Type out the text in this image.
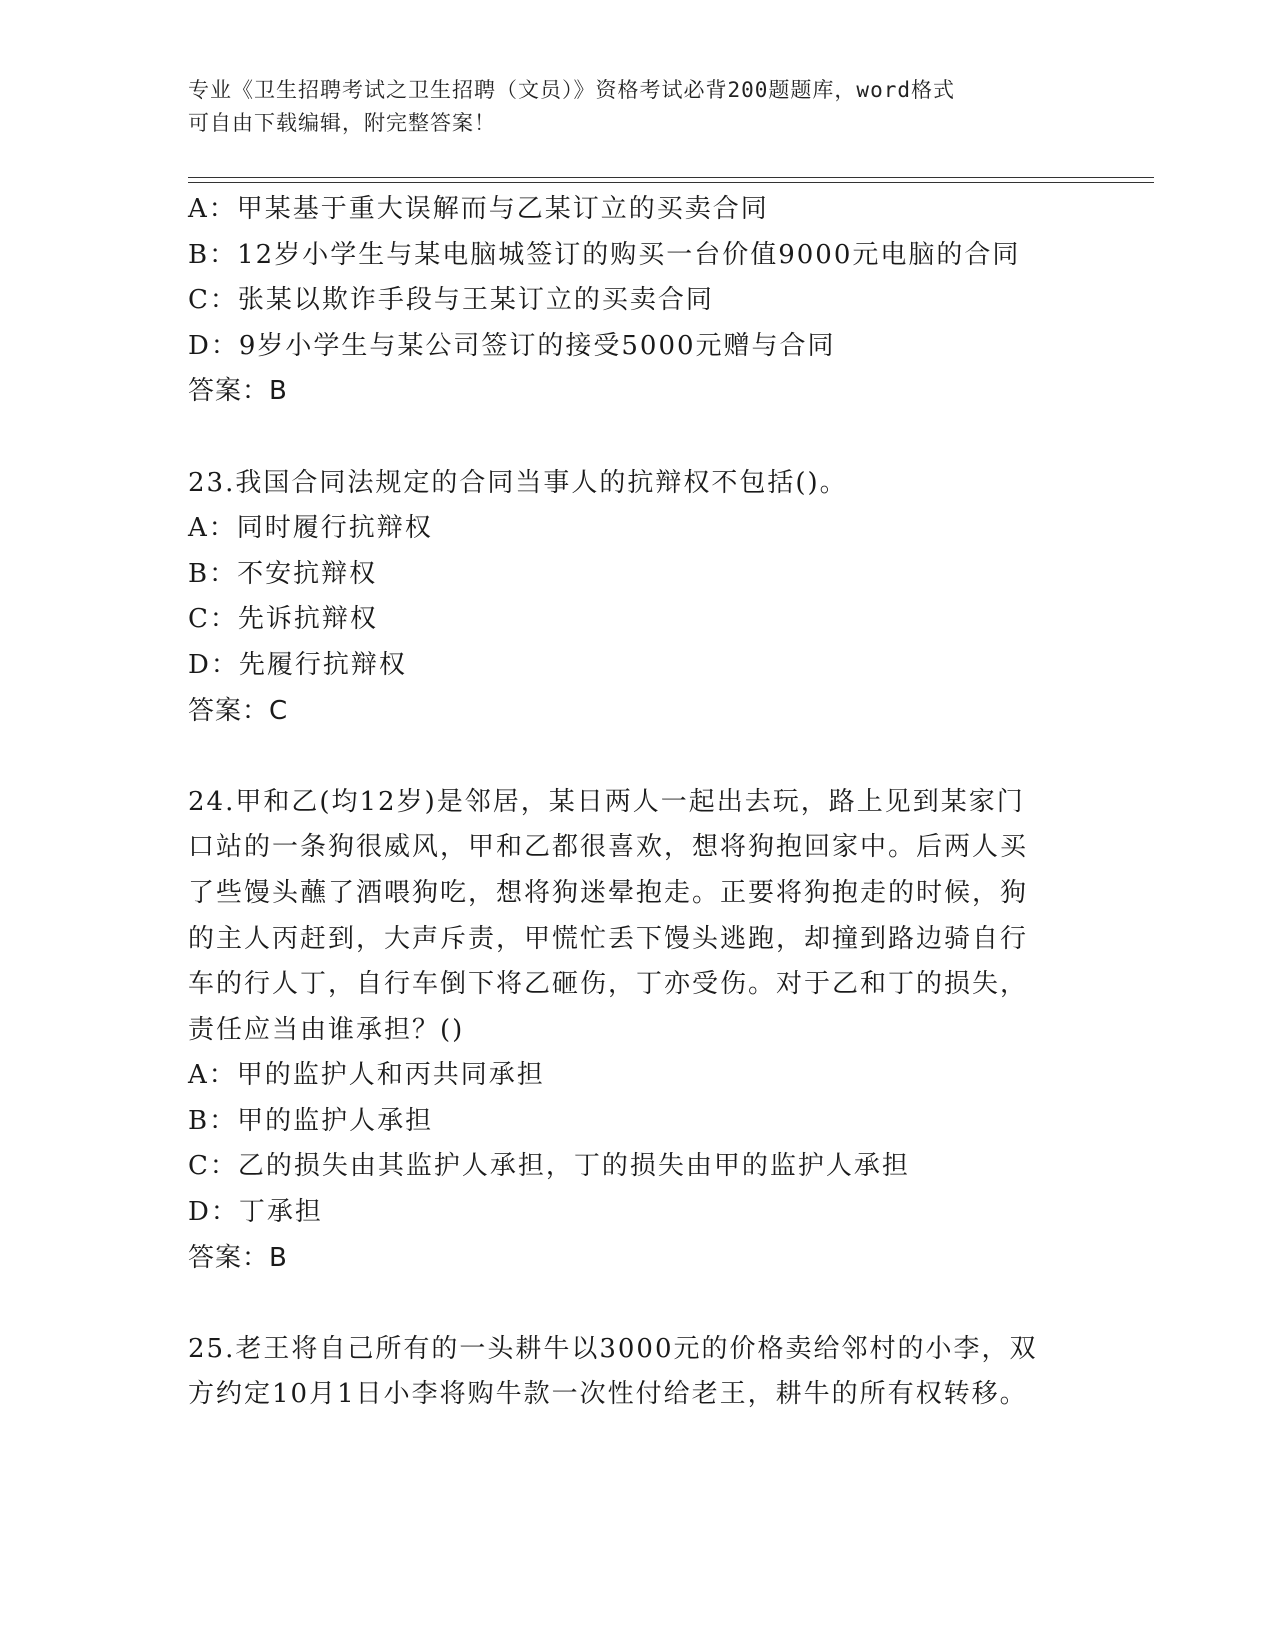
专业《卫生招聘考试之卫生招聘（文员）》资格考试必背200题题库，word格式
可自由下载编辑，附完整答案！
A：甲某基于重大误解而与乙某订立的买卖合同
B：12岁小学生与某电脑城签订的购买一台价值9000元电脑的合同
C：张某以欺诈手段与王某订立的买卖合同
D：9岁小学生与某公司签订的接受5000元赠与合同
答案：B
23.我国合同法规定的合同当事人的抗辩权不包括()。
A：同时履行抗辩权
B：不安抗辩权
C：先诉抗辩权
D：先履行抗辩权
答案：C
24.甲和乙(均12岁)是邻居，某日两人一起出去玩，路上见到某家门
口站的一条狗很威风，甲和乙都很喜欢，想将狗抱回家中。后两人买
了些馒头蘸了酒喂狗吃，想将狗迷晕抱走。正要将狗抱走的时候，狗
的主人丙赶到，大声斥责，甲慌忙丢下馒头逃跑，却撞到路边骑自行
车的行人丁，自行车倒下将乙砸伤，丁亦受伤。对于乙和丁的损失，
责任应当由谁承担？()
A：甲的监护人和丙共同承担
B：甲的监护人承担
C：乙的损失由其监护人承担，丁的损失由甲的监护人承担
D：丁承担
答案：B
25.老王将自己所有的一头耕牛以3000元的价格卖给邻村的小李，双
方约定10月1日小李将购牛款一次性付给老王，耕牛的所有权转移。
